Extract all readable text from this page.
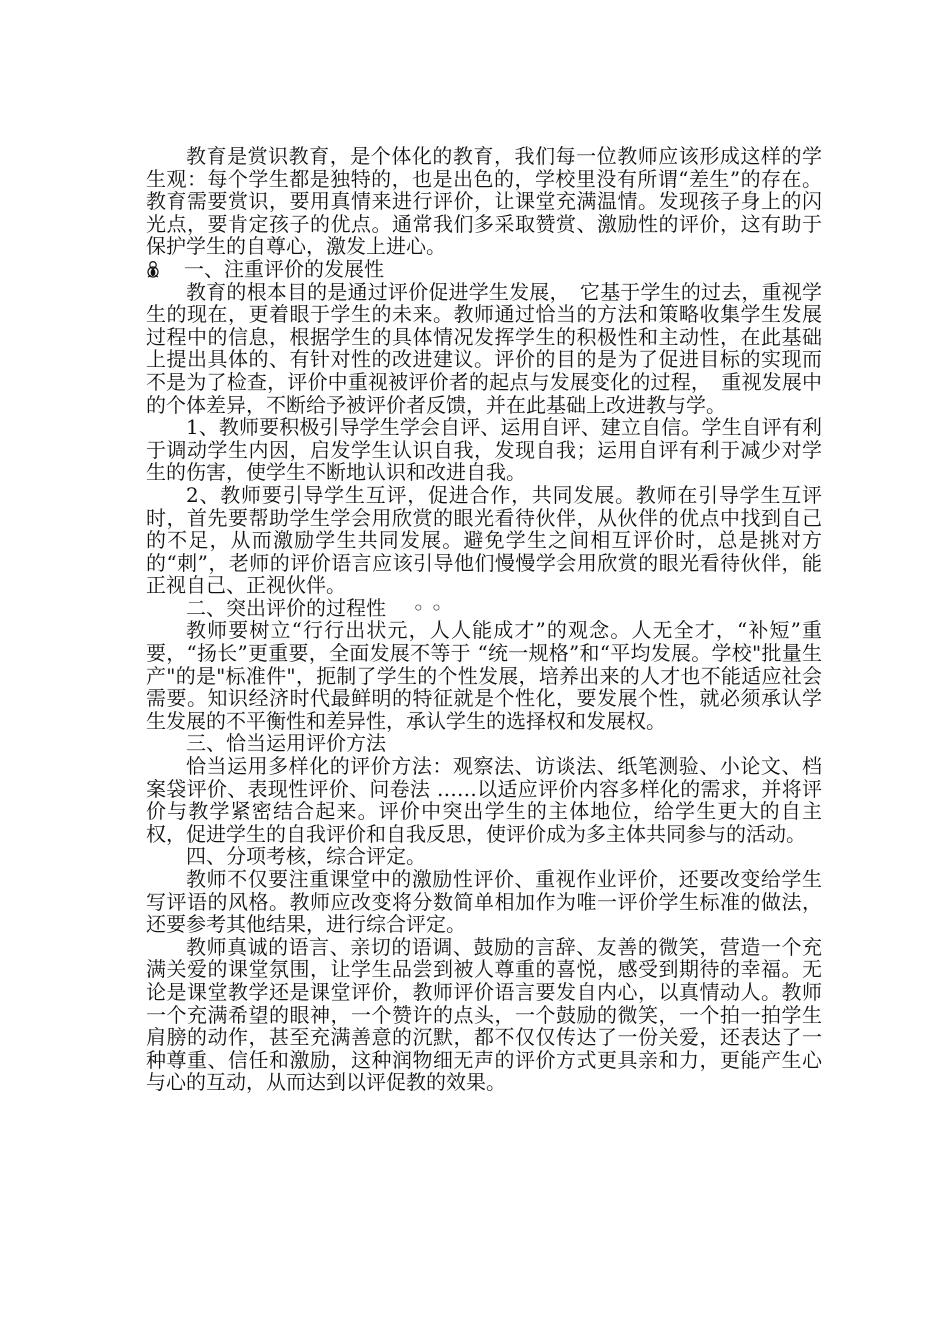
教育是赏识教育，是个体化的教育，我们每一位教师应该形成这样的学生观：每个学生都是独特的，也是出色的，学校里没有所谓“差生”的存在。教育需要赏识，要用真情来进行评价，让课堂充满温情。发现孩子身上的闪光点，要肯定孩子的优点。通常我们多采取赞赏、激励性的评价，这有助于保护学生的自尊心，激发上进心。

一、注重评价的发展性

教育的根本目的是通过评价促进学生发展，　它基于学生的过去，重视学生的现在，更着眼于学生的未来。教师通过恰当的方法和策略收集学生发展过程中的信息，根据学生的具体情况发挥学生的积极性和主动性，在此基础上提出具体的、有针对性的改进建议。评价的目的是为了促进目标的实现而不是为了检查，评价中重视被评价者的起点与发展变化的过程，　重视发展中的个体差异，不断给予被评价者反馈，并在此基础上改进教与学。

1、教师要积极引导学生学会自评、运用自评、建立自信。学生自评有利于调动学生内因，启发学生认识自我，发现自我；运用自评有利于减少对学生的伤害，使学生不断地认识和改进自我。

2、教师要引导学生互评，促进合作，共同发展。教师在引导学生互评时，首先要帮助学生学会用欣赏的眼光看待伙伴，从伙伴的优点中找到自己的不足，从而激励学生共同发展。避免学生之间相互评价时，总是挑对方的“刺”，老师的评价语言应该引导他们慢慢学会用欣赏的眼光看待伙伴，能正视自己、正视伙伴。

二、突出评价的过程性　 ◦ ◦

教师要树立“行行出状元，人人能成才”的观念。人无全才，“补短”重要，“扬长”更重要，全面发展不等于 “统一规格”和“平均发展。学校"批量生产"的是"标准件"，扼制了学生的个性发展，培养出来的人才也不能适应社会需要。知识经济时代最鲜明的特征就是个性化，要发展个性，就必须承认学生发展的不平衡性和差异性，承认学生的选择权和发展权。

三、恰当运用评价方法

恰当运用多样化的评价方法：观察法、访谈法、纸笔测验、小论文、档案袋评价、表现性评价、问卷法 ……以适应评价内容多样化的需求，并将评价与教学紧密结合起来。评价中突出学生的主体地位，给学生更大的自主权，促进学生的自我评价和自我反思，使评价成为多主体共同参与的活动。

四、分项考核，综合评定。

教师不仅要注重课堂中的激励性评价、重视作业评价，还要改变给学生写评语的风格。教师应改变将分数简单相加作为唯一评价学生标准的做法，还要参考其他结果，进行综合评定。

教师真诚的语言、亲切的语调、鼓励的言辞、友善的微笑，营造一个充满关爱的课堂氛围，让学生品尝到被人尊重的喜悦，感受到期待的幸福。无论是课堂教学还是课堂评价，教师评价语言要发自内心，以真情动人。教师一个充满希望的眼神，一个赞许的点头，一个鼓励的微笑，一个拍一拍学生肩膀的动作，甚至充满善意的沉默，都不仅仅传达了一份关爱，还表达了一种尊重、信任和激励，这种润物细无声的评价方式更具亲和力，更能产生心与心的互动，从而达到以评促教的效果。
